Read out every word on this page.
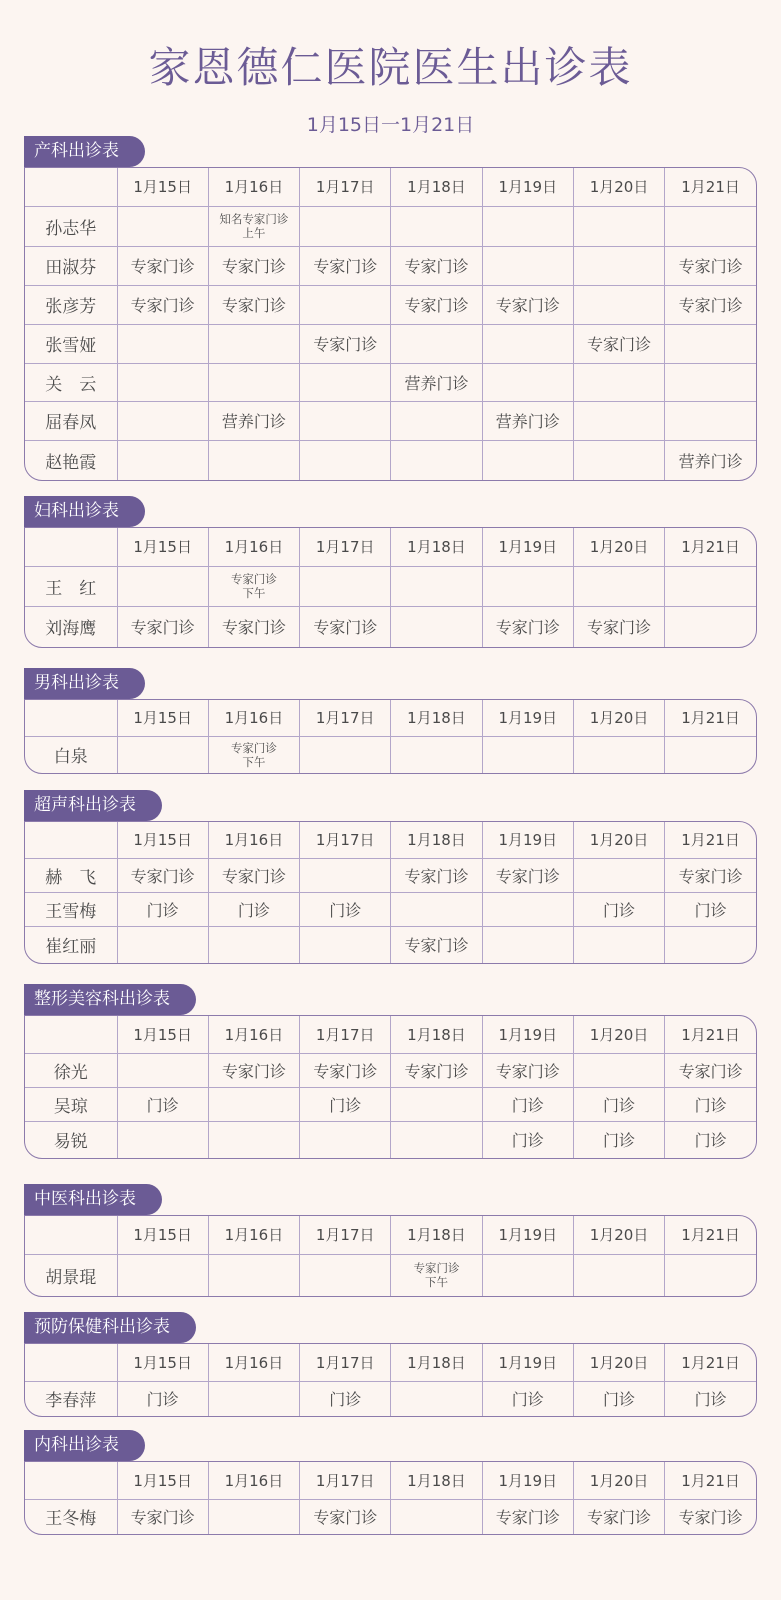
家恩德仁医院医生出诊表
1月15日一1月21日
产科出诊表
	1月15日	1月16日	1月17日	1月18日	1月19日	1月20日	1月21日
孙志华		知名专家门诊
上午					

田淑芬	专家门诊	专家门诊	专家门诊	专家门诊			专家门诊
张彦芳	专家门诊	专家门诊		专家门诊	专家门诊		专家门诊
张雪娅			专家门诊			专家门诊	
关　云				营养门诊			
屈春凤		营养门诊			营养门诊		
赵艳霞							营养门诊
妇科出诊表
	1月15日	1月16日	1月17日	1月18日	1月19日	1月20日	1月21日
王　红		专家门诊
下午					

刘海鹰	专家门诊	专家门诊	专家门诊		专家门诊	专家门诊	
男科出诊表
	1月15日	1月16日	1月17日	1月18日	1月19日	1月20日	1月21日
白泉		专家门诊
下午					

超声科出诊表
	1月15日	1月16日	1月17日	1月18日	1月19日	1月20日	1月21日
赫　飞	专家门诊	专家门诊		专家门诊	专家门诊		专家门诊
王雪梅	门诊	门诊	门诊			门诊	门诊
崔红丽				专家门诊			
整形美容科出诊表
	1月15日	1月16日	1月17日	1月18日	1月19日	1月20日	1月21日
徐光		专家门诊	专家门诊	专家门诊	专家门诊		专家门诊
吴琼	门诊		门诊		门诊	门诊	门诊
易锐					门诊	门诊	门诊
中医科出诊表
	1月15日	1月16日	1月17日	1月18日	1月19日	1月20日	1月21日
胡景琨				专家门诊
下午			

预防保健科出诊表
	1月15日	1月16日	1月17日	1月18日	1月19日	1月20日	1月21日
李春萍	门诊		门诊		门诊	门诊	门诊
内科出诊表
	1月15日	1月16日	1月17日	1月18日	1月19日	1月20日	1月21日
王冬梅	专家门诊		专家门诊		专家门诊	专家门诊	专家门诊
